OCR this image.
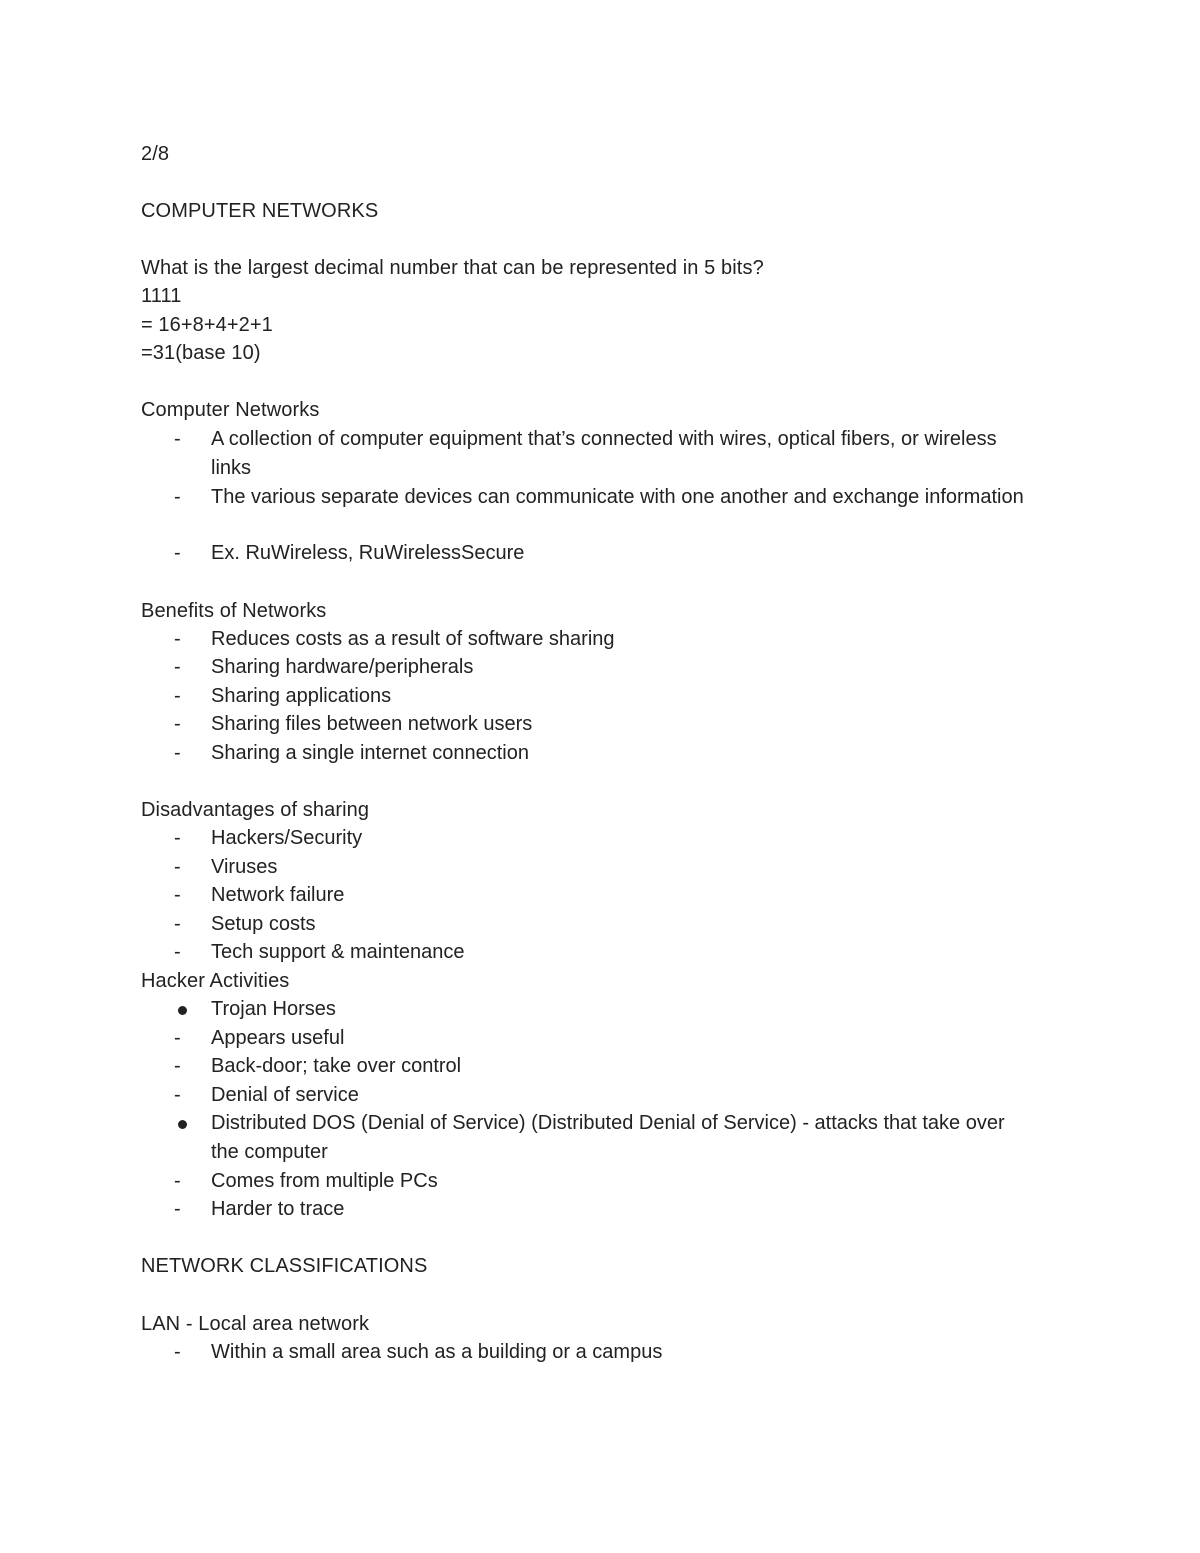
2/8
COMPUTER NETWORKS
What is the largest decimal number that can be represented in 5 bits?
1111
= 16+8+4+2+1
=31(base 10)
Computer Networks
-	A collection of computer equipment that’s connected with wires, optical fibers, or wireless links
-	The various separate devices can communicate with one another and exchange information
-	Ex. RuWireless, RuWirelessSecure
Benefits of Networks
-	Reduces costs as a result of software sharing
-	Sharing hardware/peripherals
-	Sharing applications
-	Sharing files between network users
-	Sharing a single internet connection
Disadvantages of sharing
-	Hackers/Security
-	Viruses
-	Network failure
-	Setup costs
-	Tech support & maintenance
Hacker Activities
Trojan Horses
-	Appears useful
-	Back-door; take over control
-	Denial of service
Distributed DOS (Denial of Service) (Distributed Denial of Service) - attacks that take over the computer
-	Comes from multiple PCs
-	Harder to trace
NETWORK CLASSIFICATIONS
LAN - Local area network
-	Within a small area such as a building or a campus
